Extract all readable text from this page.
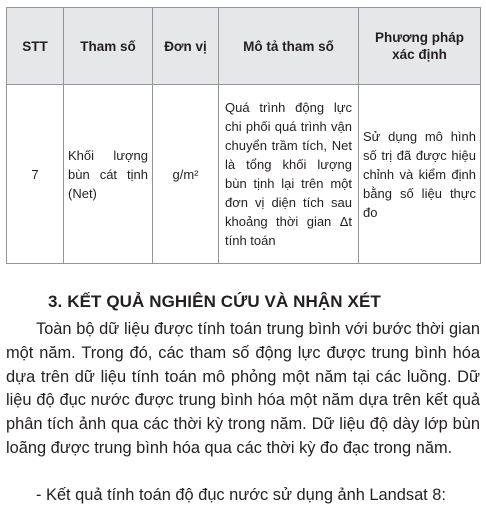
STT	Tham số	Đơn vị	Mô tả tham số	Phương pháp xác định
7	Khối lượng bùn cát tịnh (Net)	g/m²	Quá trình động lực chi phối quá trình vận chuyển trầm tích, Net là tổng khối lượng bùn tịnh lại trên một đơn vị diện tích sau khoảng thời gian Δt tính toán	Sử dụng mô hình số trị đã được hiệu chỉnh và kiểm định bằng số liệu thực đo
3. KẾT QUẢ NGHIÊN CỨU VÀ NHẬN XÉT

Toàn bộ dữ liệu được tính toán trung bình với bước thời gian một năm. Trong đó, các tham số động lực được trung bình hóa dựa trên dữ liệu tính toán mô phỏng một năm tại các luồng. Dữ liệu độ đục nước được trung bình hóa một năm dựa trên kết quả phân tích ảnh qua các thời kỳ trong năm. Dữ liệu độ dày lớp bùn loãng được trung bình hóa qua các thời kỳ đo đạc trong năm.

- Kết quả tính toán độ đục nước sử dụng ảnh Landsat 8:
